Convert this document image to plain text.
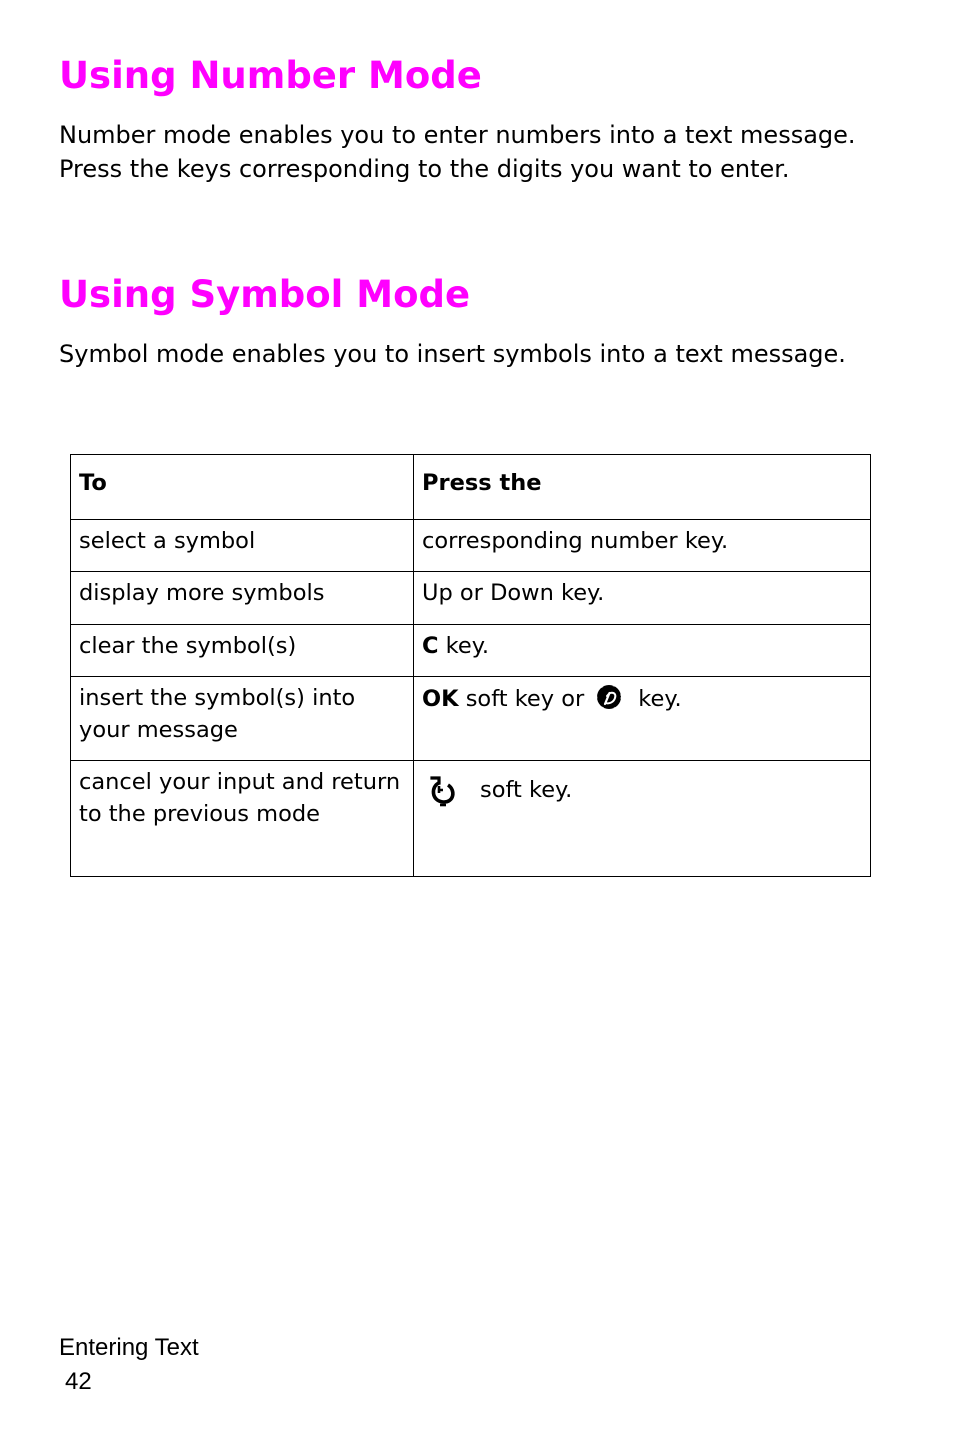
Using Number Mode

Number mode enables you to enter numbers into a text message. Press the keys corresponding to the digits you want to enter.

Using Symbol Mode

Symbol mode enables you to insert symbols into a text message.

To	Press the
select a symbol	corresponding number key.
display more symbols	Up or Down key.
clear the symbol(s)	C key.
insert the symbol(s) into your message	OK soft key or key.
cancel your input and return to the previous mode	soft key.
Entering Text
42
